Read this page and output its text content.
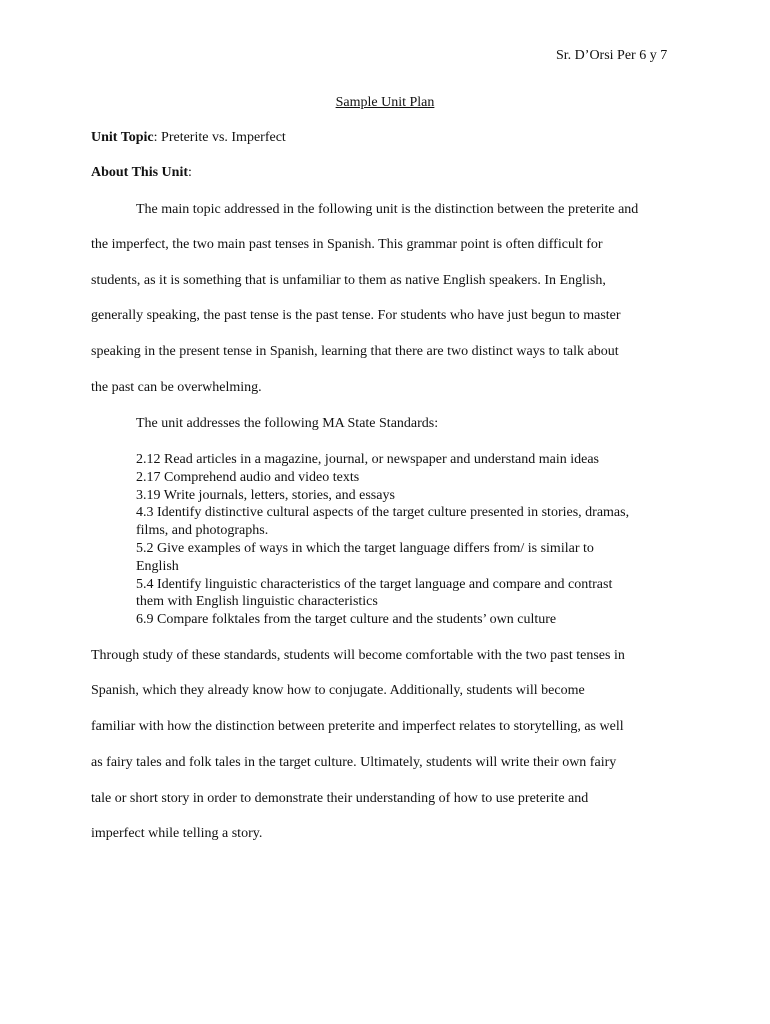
Sr. D’Orsi Per 6 y 7
Sample Unit Plan
Unit Topic: Preterite vs. Imperfect
About This Unit:
The main topic addressed in the following unit is the distinction between the preterite and
the imperfect, the two main past tenses in Spanish. This grammar point is often difficult for
students, as it is something that is unfamiliar to them as native English speakers. In English,
generally speaking, the past tense is the past tense. For students who have just begun to master
speaking in the present tense in Spanish, learning that there are two distinct ways to talk about
the past can be overwhelming.
The unit addresses the following MA State Standards:
2.12 Read articles in a magazine, journal, or newspaper and understand main ideas
2.17 Comprehend audio and video texts
3.19 Write journals, letters, stories, and essays
4.3 Identify distinctive cultural aspects of the target culture presented in stories, dramas,
films, and photographs.
5.2 Give examples of ways in which the target language differs from/ is similar to
English
5.4 Identify linguistic characteristics of the target language and compare and contrast
them with English linguistic characteristics
6.9 Compare folktales from the target culture and the students’ own culture
Through study of these standards, students will become comfortable with the two past tenses in
Spanish, which they already know how to conjugate. Additionally, students will become
familiar with how the distinction between preterite and imperfect relates to storytelling, as well
as fairy tales and folk tales in the target culture. Ultimately, students will write their own fairy
tale or short story in order to demonstrate their understanding of how to use preterite and
imperfect while telling a story.
